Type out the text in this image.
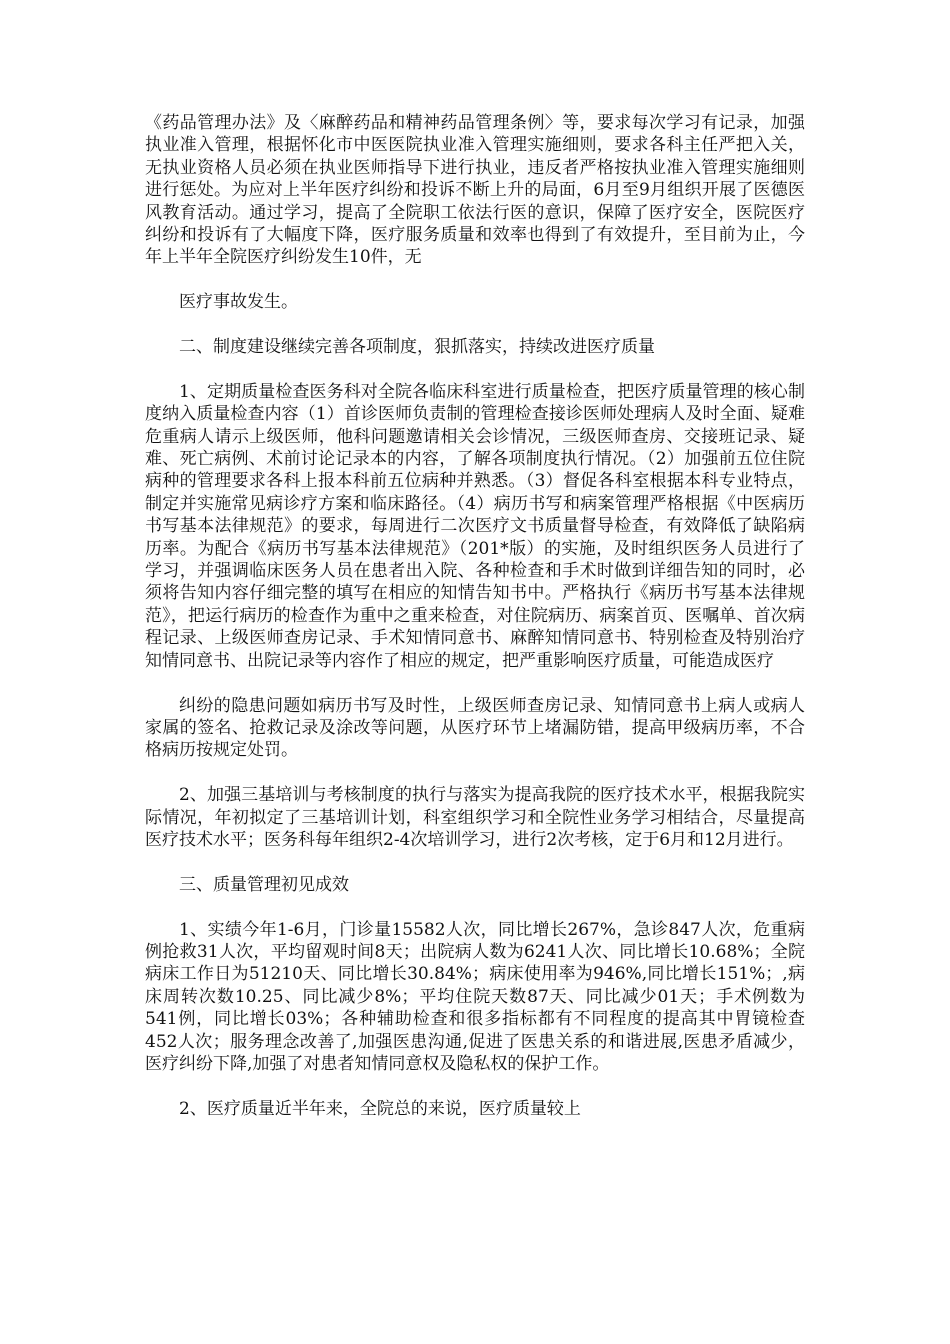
《药品管理办法》及〈麻醉药品和精神药品管理条例〉等，要求每次学习有记录，加强执业准入管理，根据怀化市中医医院执业准入管理实施细则，要求各科主任严把入关，无执业资格人员必须在执业医师指导下进行执业，违反者严格按执业准入管理实施细则进行惩处。为应对上半年医疗纠纷和投诉不断上升的局面，6月至9月组织开展了医德医风教育活动。通过学习，提高了全院职工依法行医的意识，保障了医疗安全，医院医疗纠纷和投诉有了大幅度下降，医疗服务质量和效率也得到了有效提升，至目前为止，今年上半年全院医疗纠纷发生10件，无

医疗事故发生。

二、制度建设继续完善各项制度，狠抓落实，持续改进医疗质量

1、定期质量检查医务科对全院各临床科室进行质量检查，把医疗质量管理的核心制度纳入质量检查内容（1）首诊医师负责制的管理检查接诊医师处理病人及时全面、疑难危重病人请示上级医师，他科问题邀请相关会诊情况，三级医师查房、交接班记录、疑难、死亡病例、术前讨论记录本的内容，了解各项制度执行情况。（2）加强前五位住院病种的管理要求各科上报本科前五位病种并熟悉。（3）督促各科室根据本科专业特点，制定并实施常见病诊疗方案和临床路径。（4）病历书写和病案管理严格根据《中医病历书写基本法律规范》的要求，每周进行二次医疗文书质量督导检查，有效降低了缺陷病历率。为配合《病历书写基本法律规范》（201*版）的实施，及时组织医务人员进行了学习，并强调临床医务人员在患者出入院、各种检查和手术时做到详细告知的同时，必须将告知内容仔细完整的填写在相应的知情告知书中。严格执行《病历书写基本法律规范》，把运行病历的检查作为重中之重来检查，对住院病历、病案首页、医嘱单、首次病程记录、上级医师查房记录、手术知情同意书、麻醉知情同意书、特别检查及特别治疗知情同意书、出院记录等内容作了相应的规定，把严重影响医疗质量，可能造成医疗

纠纷的隐患问题如病历书写及时性，上级医师查房记录、知情同意书上病人或病人家属的签名、抢救记录及涂改等问题，从医疗环节上堵漏防错，提高甲级病历率，不合格病历按规定处罚。

2、加强三基培训与考核制度的执行与落实为提高我院的医疗技术水平，根据我院实际情况，年初拟定了三基培训计划，科室组织学习和全院性业务学习相结合，尽量提高医疗技术水平；医务科每年组织2-4次培训学习，进行2次考核，定于6月和12月进行。

三、质量管理初见成效

1、实绩今年1-6月，门诊量15582人次，同比增长267%，急诊847人次，危重病例抢救31人次，平均留观时间8天；出院病人数为6241人次、同比增长10.68%；全院病床工作日为51210天、同比增长30.84%；病床使用率为946%,同比增长151%；,病床周转次数10.25、同比减少8%；平均住院天数87天、同比减少01天；手术例数为541例，同比增长03%；各种辅助检查和很多指标都有不同程度的提高其中胃镜检查452人次；服务理念改善了,加强医患沟通,促进了医患关系的和谐进展,医患矛盾减少，医疗纠纷下降,加强了对患者知情同意权及隐私权的保护工作。

2、医疗质量近半年来，全院总的来说，医疗质量较上
